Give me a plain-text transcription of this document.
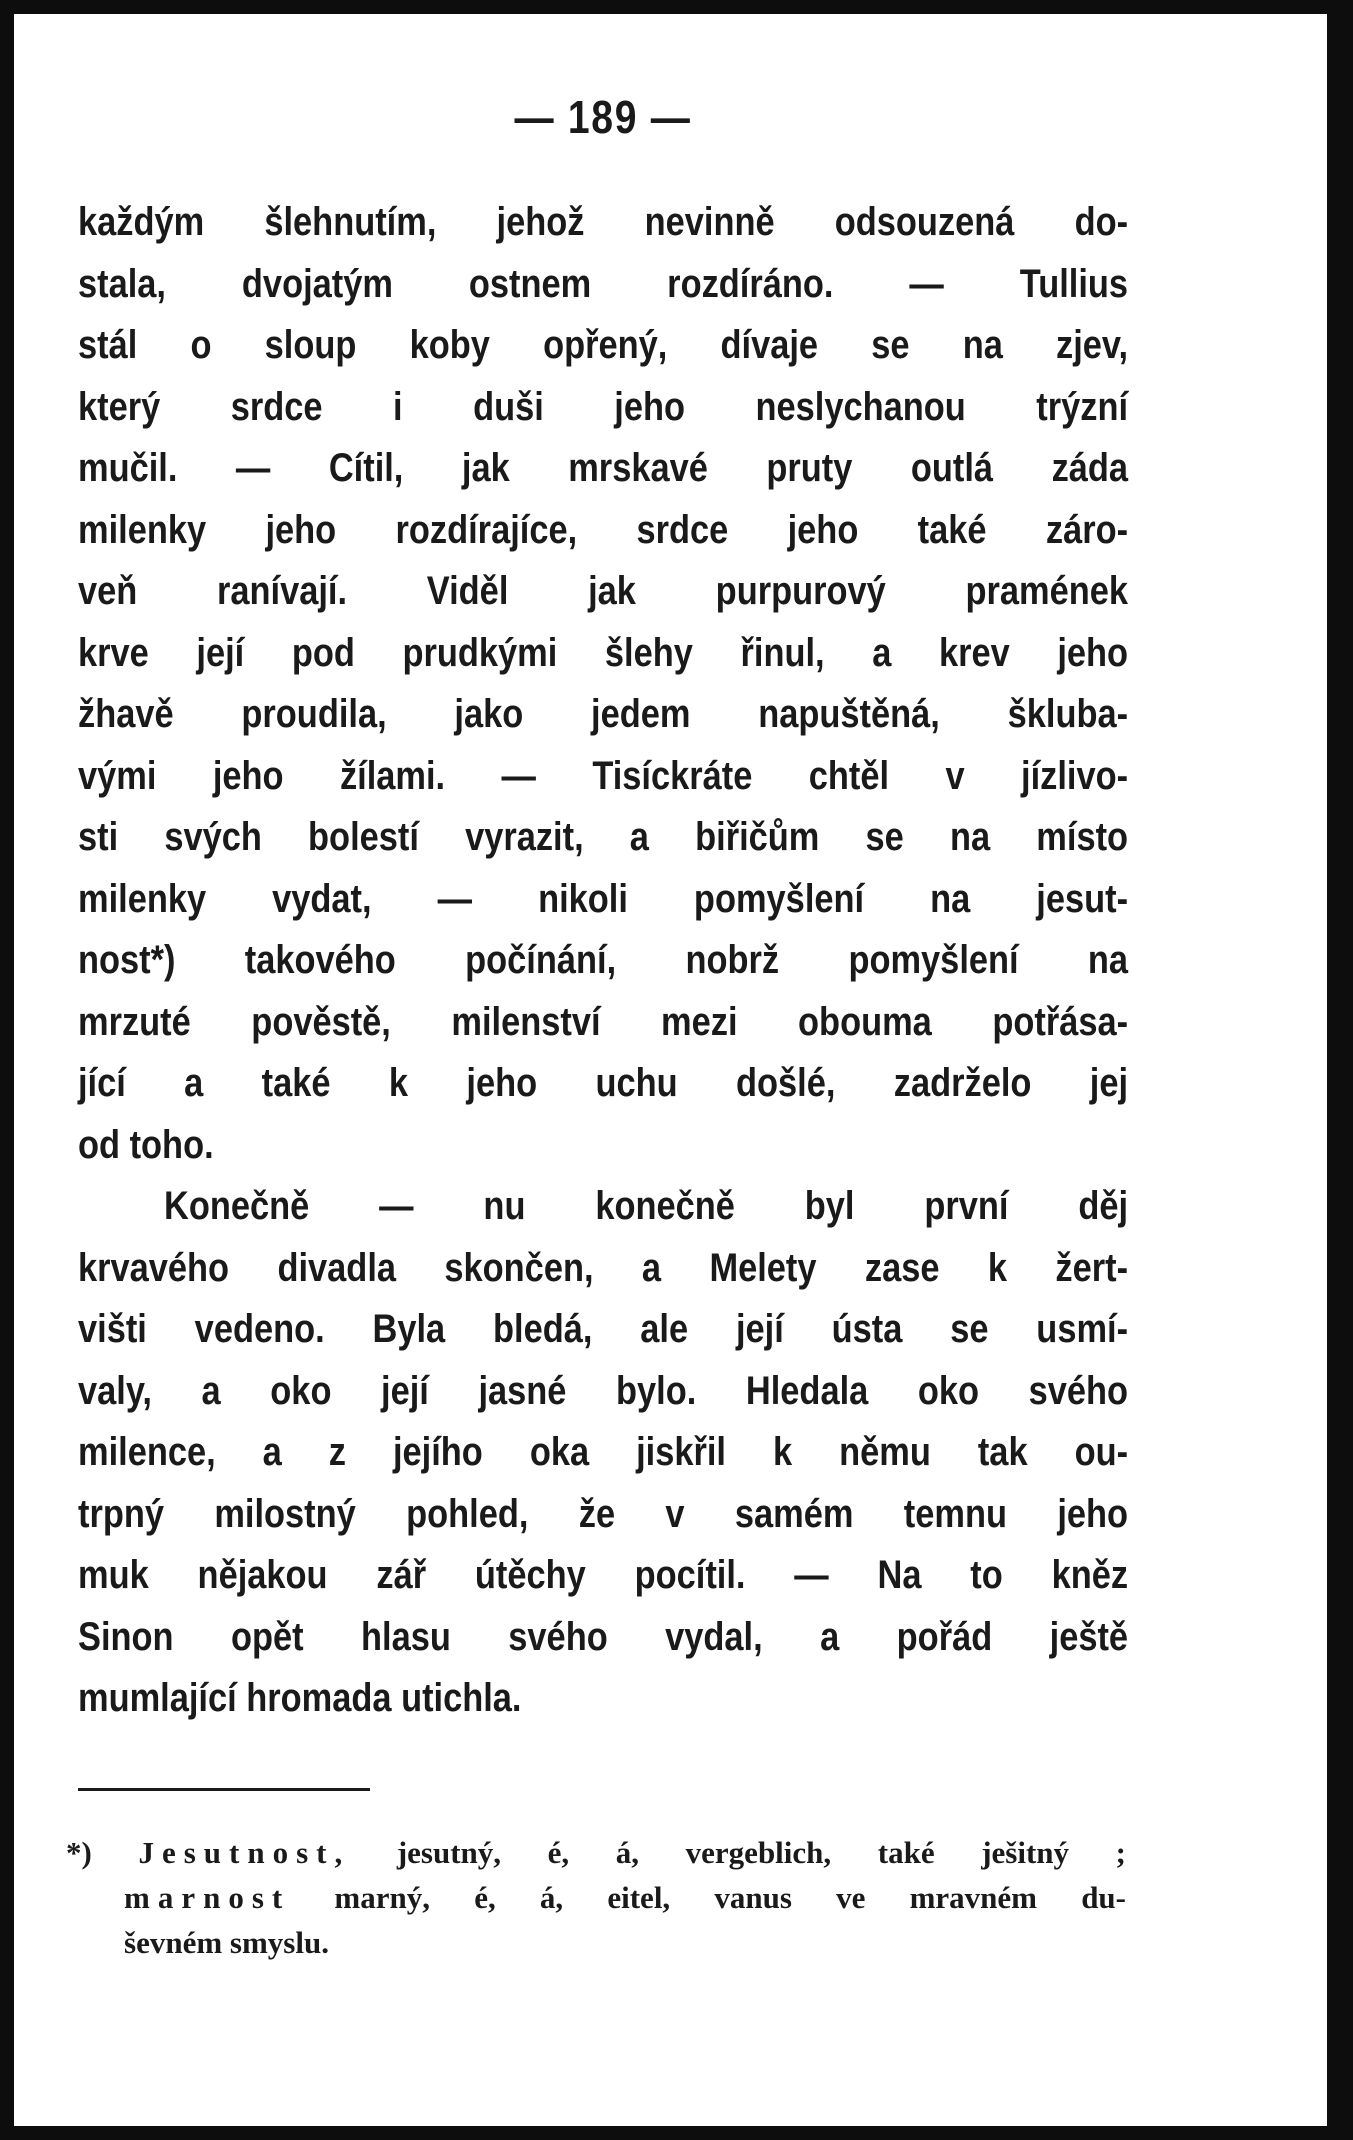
— 189 —
každým šlehnutím, jehož nevinně odsouzená do-
stala, dvojatým ostnem rozdíráno. — Tullius
stál o sloup koby opřený, dívaje se na zjev,
který srdce i duši jeho neslychanou trýzní
mučil. — Cítil, jak mrskavé pruty outlá záda
milenky jeho rozdírajíce, srdce jeho také záro-
veň ranívají. Viděl jak purpurový pramének
krve její pod prudkými šlehy řinul, a krev jeho
žhavě proudila, jako jedem napuštěná, škluba-
vými jeho žílami. — Tisíckráte chtěl v jízlivo-
sti svých bolestí vyrazit, a biřičům se na místo
milenky vydat, — nikoli pomyšlení na jesut-
nost*) takového počínání, nobrž pomyšlení na
mrzuté pověstě, milenství mezi obouma potřása-
jící a také k jeho uchu došlé, zadrželo jej
od toho.
Konečně — nu konečně byl první děj
krvavého divadla skončen, a Melety zase k žert-
višti vedeno. Byla bledá, ale její ústa se usmí-
valy, a oko její jasné bylo. Hledala oko svého
milence, a z jejího oka jiskřil k němu tak ou-
trpný milostný pohled, že v samém temnu jeho
muk nějakou zář útěchy pocítil. — Na to kněz
Sinon opět hlasu svého vydal, a pořád ještě
mumlající hromada utichla.
*) Jesutnost, jesutný, é, á, vergeblich, také ješitný ;
marnost marný, é, á, eitel, vanus ve mravném du-
ševném smyslu.
